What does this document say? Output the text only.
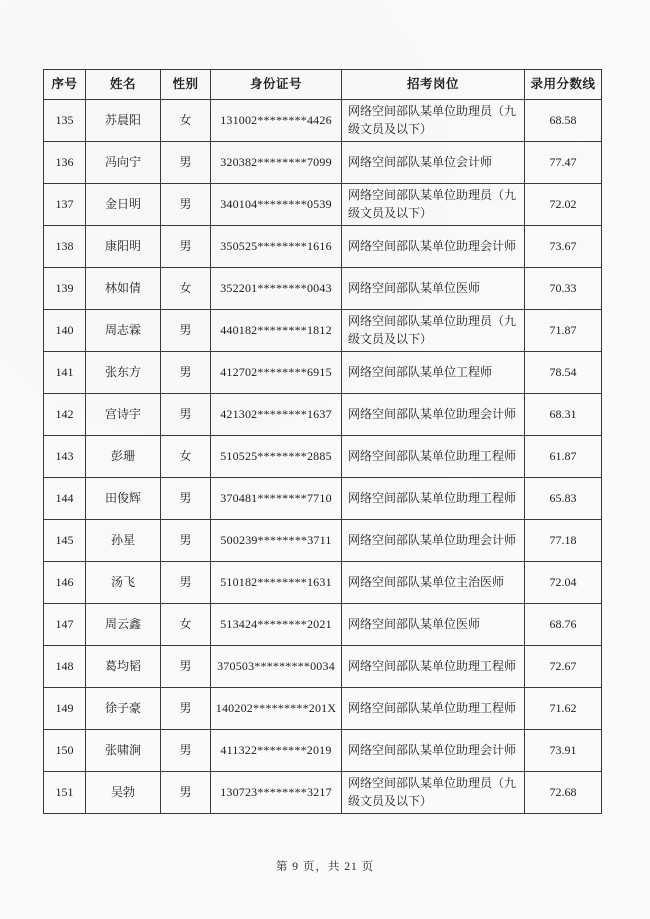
序号	姓名	性别	身份证号	招考岗位	录用分数线
135	苏晨阳	女	131002********4426	网络空间部队某单位助理员（九级文员及以下）	68.58
136	冯向宁	男	320382********7099	网络空间部队某单位会计师	77.47
137	金日明	男	340104********0539	网络空间部队某单位助理员（九级文员及以下）	72.02
138	康阳明	男	350525********1616	网络空间部队某单位助理会计师	73.67
139	林如倩	女	352201********0043	网络空间部队某单位医师	70.33
140	周志霖	男	440182********1812	网络空间部队某单位助理员（九级文员及以下）	71.87
141	张东方	男	412702********6915	网络空间部队某单位工程师	78.54
142	宫诗宇	男	421302********1637	网络空间部队某单位助理会计师	68.31
143	彭珊	女	510525********2885	网络空间部队某单位助理工程师	61.87
144	田俊辉	男	370481********7710	网络空间部队某单位助理工程师	65.83
145	孙星	男	500239********3711	网络空间部队某单位助理会计师	77.18
146	汤飞	男	510182********1631	网络空间部队某单位主治医师	72.04
147	周云鑫	女	513424********2021	网络空间部队某单位医师	68.76
148	葛均韬	男	370503*********0034	网络空间部队某单位助理工程师	72.67
149	徐子豪	男	140202*********201X	网络空间部队某单位助理工程师	71.62
150	张啸涧	男	411322********2019	网络空间部队某单位助理会计师	73.91
151	吴勃	男	130723********3217	网络空间部队某单位助理员（九级文员及以下）	72.68
第 9 页，共 21 页
